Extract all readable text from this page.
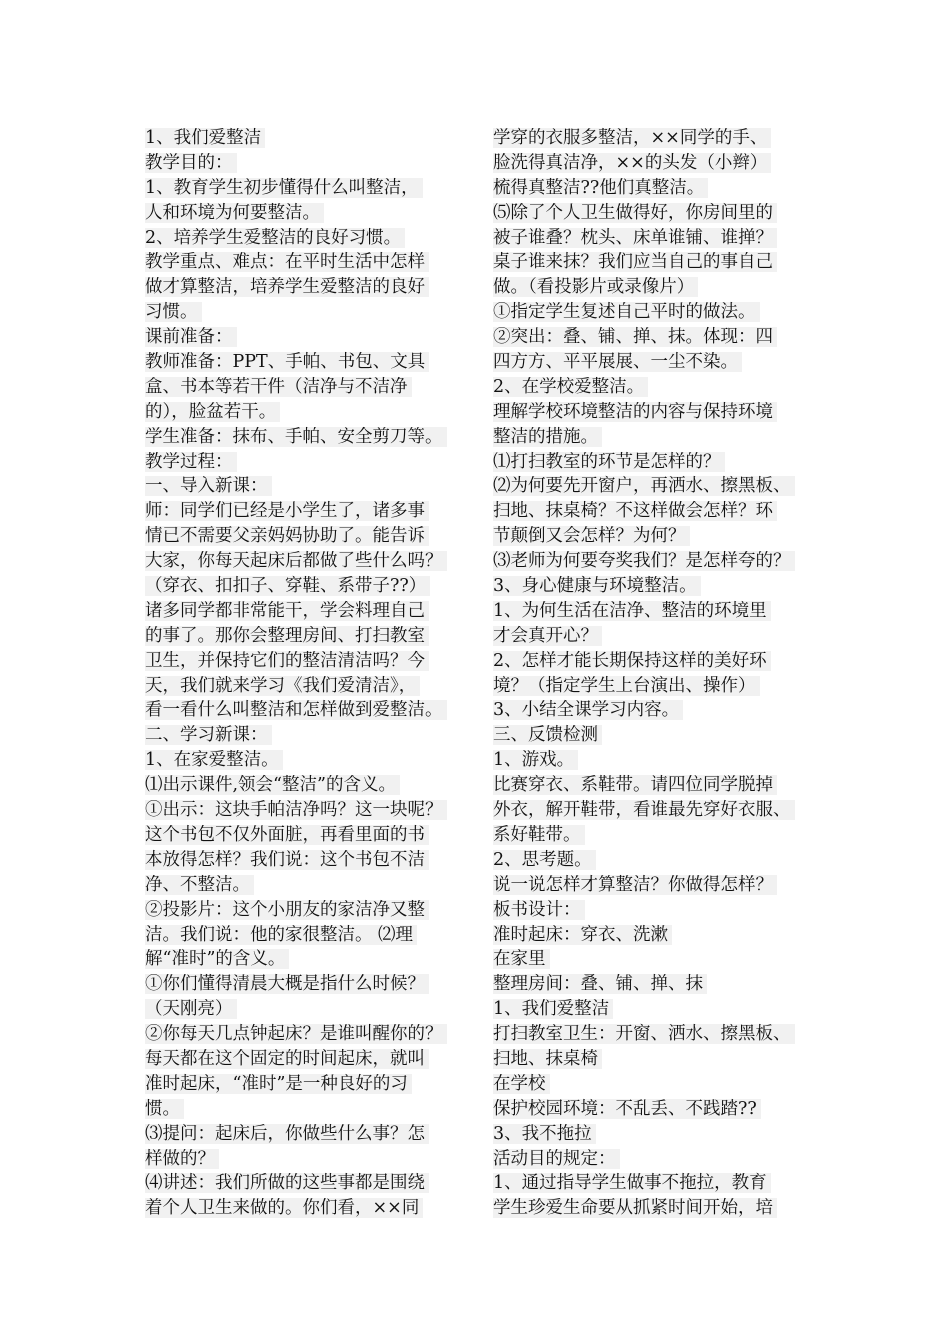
1、我们爱整洁
教学目的：
1、教育学生初步懂得什么叫整洁，
人和环境为何要整洁。
2、培养学生爱整洁的良好习惯。
教学重点、难点：在平时生活中怎样
做才算整洁，培养学生爱整洁的良好
习惯。
课前准备：
教师准备：PPT、手帕、书包、文具
盒、书本等若干件（洁净与不洁净
的），脸盆若干。
学生准备：抹布、手帕、安全剪刀等。
教学过程：
一、导入新课：
师：同学们已经是小学生了，诸多事
情已不需要父亲妈妈协助了。能告诉
大家，你每天起床后都做了些什么吗？
（穿衣、扣扣子、穿鞋、系带子??）
诸多同学都非常能干，学会料理自己
的事了。那你会整理房间、打扫教室
卫生，并保持它们的整洁清洁吗？今
天，我们就来学习《我们爱清洁》，
看一看什么叫整洁和怎样做到爱整洁。
二、学习新课：
1、在家爱整洁。
⑴出示课件,领会“整洁”的含义。
①出示：这块手帕洁净吗？这一块呢？
这个书包不仅外面脏，再看里面的书
本放得怎样？我们说：这个书包不洁
净、不整洁。
②投影片：这个小朋友的家洁净又整
洁。我们说：他的家很整洁。 ⑵理
解“准时”的含义。
①你们懂得清晨大概是指什么时候？
（天刚亮）
②你每天几点钟起床？是谁叫醒你的？
每天都在这个固定的时间起床，就叫
准时起床，“准时”是一种良好的习
惯。
⑶提问：起床后，你做些什么事？怎
样做的？
⑷讲述：我们所做的这些事都是围绕
着个人卫生来做的。你们看，××同
学穿的衣服多整洁，××同学的手、
脸洗得真洁净，××的头发（小辫）
梳得真整洁??他们真整洁。
⑸除了个人卫生做得好，你房间里的
被子谁叠？枕头、床单谁铺、谁掸？
桌子谁来抹？我们应当自己的事自己
做。（看投影片或录像片）
①指定学生复述自己平时的做法。
②突出：叠、铺、掸、抹。体现：四
四方方、平平展展、一尘不染。
2、在学校爱整洁。
理解学校环境整洁的内容与保持环境
整洁的措施。
⑴打扫教室的环节是怎样的？
⑵为何要先开窗户，再洒水、擦黑板、
扫地、抹桌椅？不这样做会怎样？环
节颠倒又会怎样？为何？
⑶老师为何要夸奖我们？是怎样夸的？
3、身心健康与环境整洁。
1、为何生活在洁净、整洁的环境里
才会真开心？
2、怎样才能长期保持这样的美好环
境？（指定学生上台演出、操作）
3、小结全课学习内容。
三、反馈检测
1、游戏。
比赛穿衣、系鞋带。请四位同学脱掉
外衣，解开鞋带，看谁最先穿好衣服、
系好鞋带。
2、思考题。
说一说怎样才算整洁？你做得怎样？
板书设计：
准时起床：穿衣、洗漱
在家里
整理房间：叠、铺、掸、抹
1、我们爱整洁
打扫教室卫生：开窗、洒水、擦黑板、
扫地、抹桌椅
在学校
保护校园环境：不乱丢、不践踏??
3、我不拖拉
活动目的规定：
1、通过指导学生做事不拖拉，教育
学生珍爱生命要从抓紧时间开始，培
